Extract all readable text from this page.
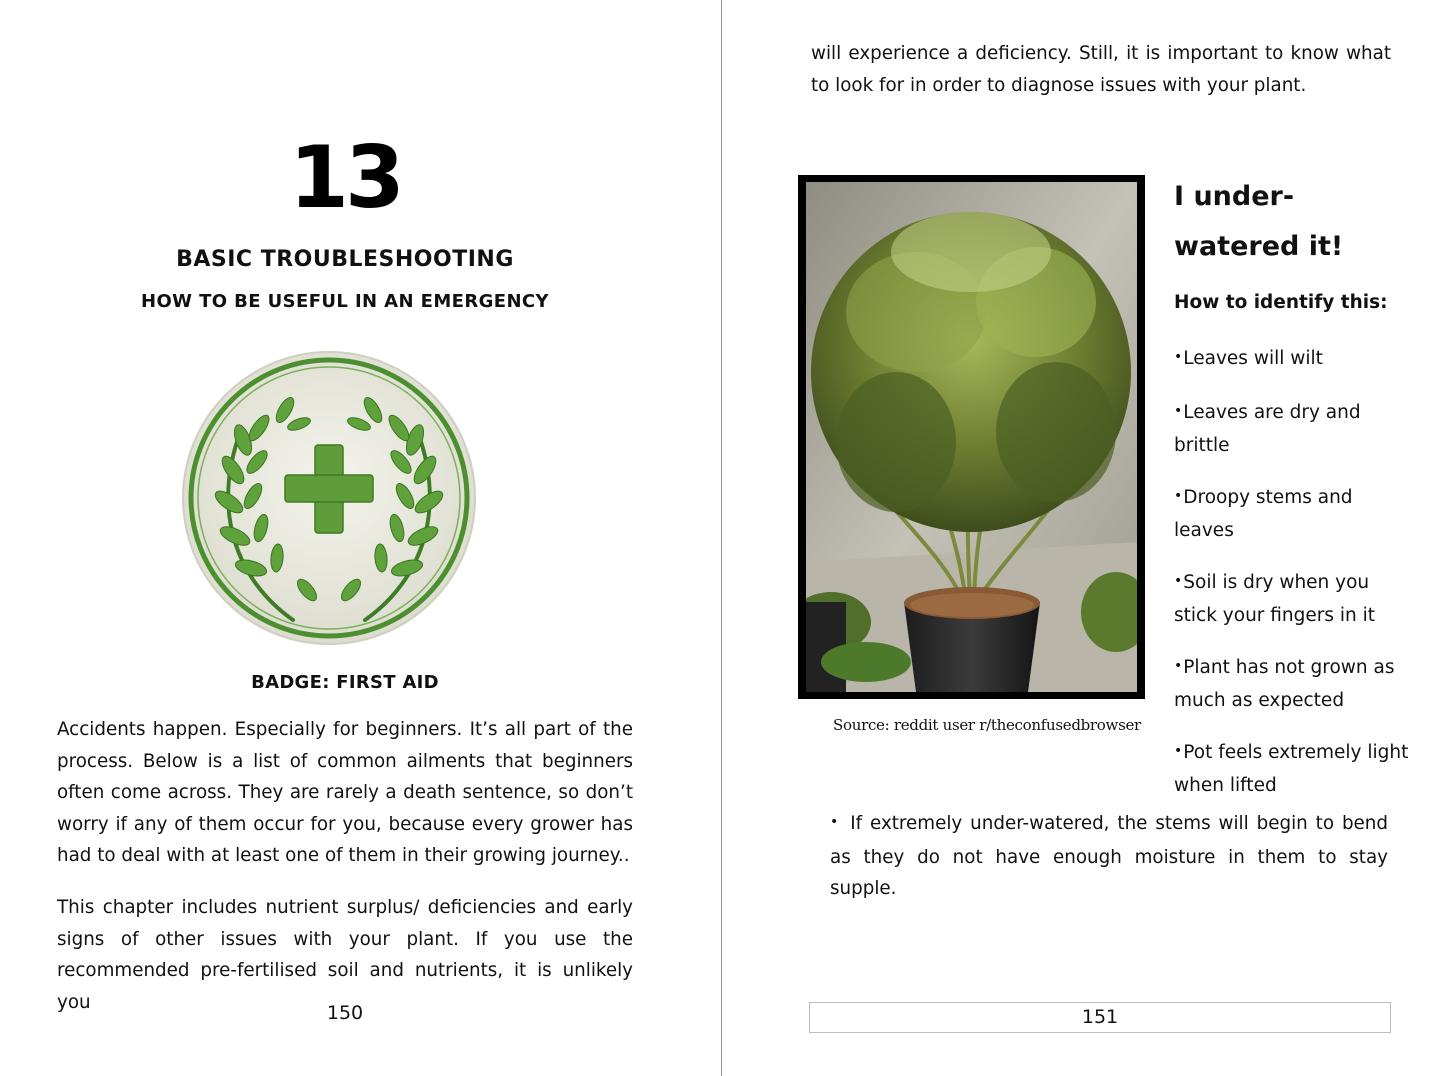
13
BASIC TROUBLESHOOTING
HOW TO BE USEFUL IN AN EMERGENCY
BADGE: FIRST AID
Accidents happen. Especially for beginners. It’s all part of the process. Below is a list of common ailments that beginners often come across. They are rarely a death sentence, so don’t worry if any of them occur for you, because every grower has had to deal with at least one of them in their growing journey..
This chapter includes nutrient surplus/ deficiencies and early signs of other issues with your plant. If you use the recommended pre-fertilised soil and nutrients, it is unlikely you	150
will experience a deficiency. Still, it is important to know what to look for in order to diagnose issues with your plant.
Source: reddit user r/theconfusedbrowser
I under-watered it!
How to identify this:
• Leaves will wilt
• Leaves are dry and brittle
• Droopy stems and leaves
• Soil is dry when you stick your fingers in it
• Plant has not grown as much as expected
• Pot feels extremely light when lifted
• If extremely under-watered, the stems will begin to bend as they do not have enough moisture in them to stay supple.
151
